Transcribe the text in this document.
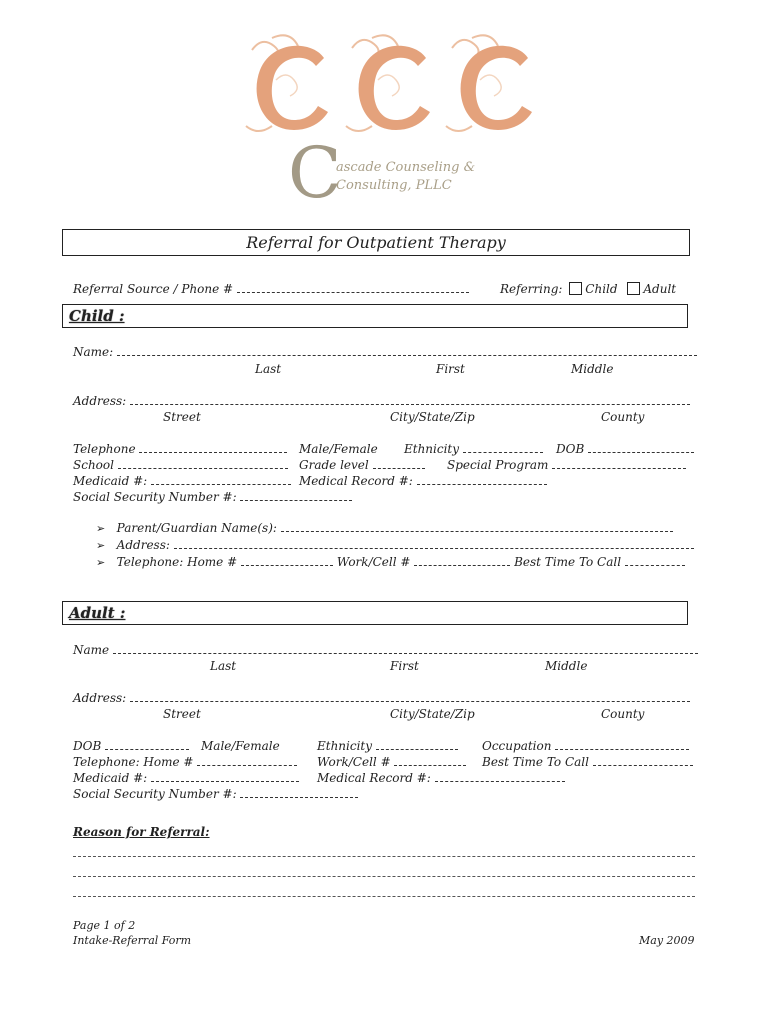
C
ascade Counseling &
Consulting, PLLC
Referral for Outpatient Therapy
Referral Source / Phone #	Referring: Child Adult
Child :
Name:
Last	First	Middle
Address:
Street	City/State/Zip	County
Telephone	Male/Female Ethnicity	DOB
School	Grade level	Special Program
Medicaid #:	Medical Record #:
Social Security Number #:
➢ Parent/Guardian Name(s):
➢ Address:
➢ Telephone: Home #	Work/Cell #	Best Time To Call
Adult :
Name
Last	First	Middle
Address:
Street	City/State/Zip	County
DOB	Male/Female	Ethnicity	Occupation
Telephone: Home #	Work/Cell #	Best Time To Call
Medicaid #:	Medical Record #:
Social Security Number #:
Reason for Referral:
Page 1 of 2
Intake-Referral Form	May 2009
